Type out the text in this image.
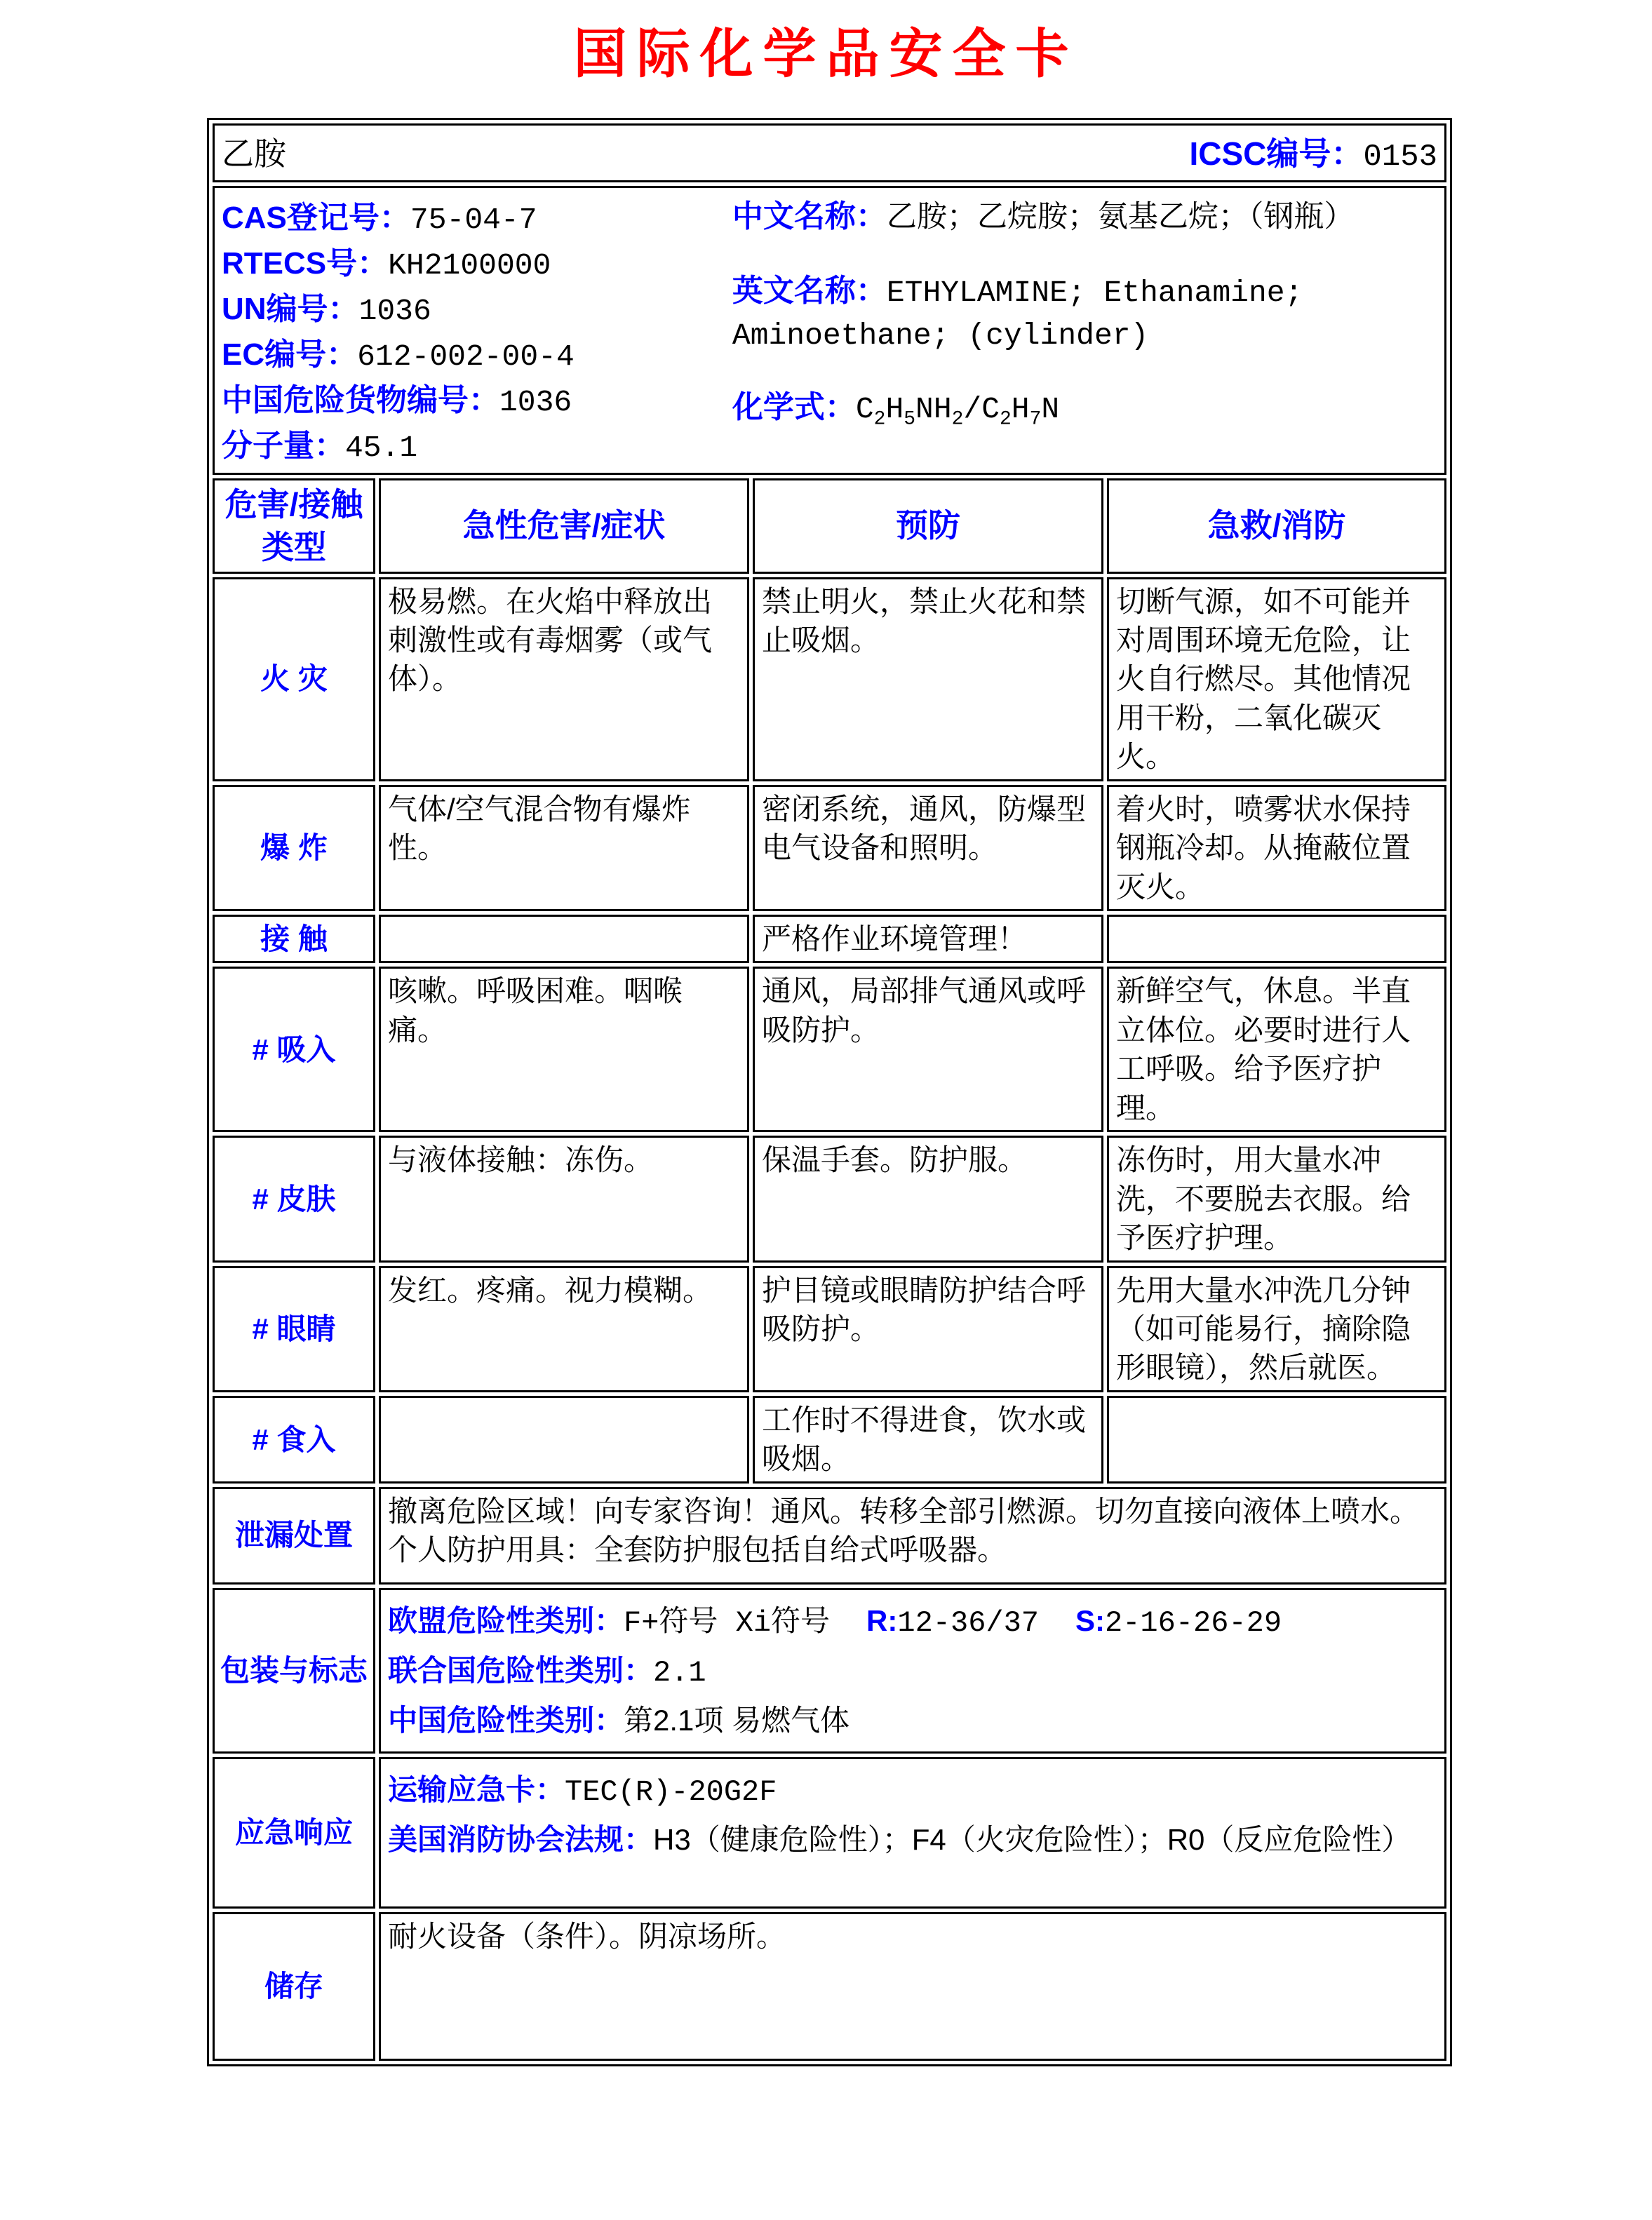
国际化学品安全卡
乙胺 ICSC编号：0153			

CAS登记号：75-04-7
RTECS号：KH2100000
UN编号：1036
EC编号：612-002-00-4
中国危险货物编号：1036
分子量：45.1
中文名称：乙胺；乙烷胺；氨基乙烷；（钢瓶）
英文名称：ETHYLAMINE; Ethanamine; Aminoethane; (cylinder)
化学式：$C_2H_5NH_2/C_2H_7N$

危害/接触类型	急性危害/症状	预防	急救/消防
火 灾	极易燃。在火焰中释放出刺激性或有毒烟雾（或气体）。	禁止明火，禁止火花和禁止吸烟。	切断气源，如不可能并对周围环境无危险，让火自行燃尽。其他情况用干粉，二氧化碳灭火。
爆 炸	气体/空气混合物有爆炸性。	密闭系统，通风，防爆型电气设备和照明。	着火时，喷雾状水保持钢瓶冷却。从掩蔽位置灭火。
接 触		严格作业环境管理！	
# 吸入	咳嗽。呼吸困难。咽喉痛。	通风，局部排气通风或呼吸防护。	新鲜空气，休息。半直立体位。必要时进行人工呼吸。给予医疗护理。
# 皮肤	与液体接触：冻伤。	保温手套。防护服。	冻伤时，用大量水冲洗，不要脱去衣服。给予医疗护理。
# 眼睛	发红。疼痛。视力模糊。	护目镜或眼睛防护结合呼吸防护。	先用大量水冲洗几分钟（如可能易行，摘除隐形眼镜），然后就医。
# 食入		工作时不得进食，饮水或吸烟。	
泄漏处置	撤离危险区域！向专家咨询！通风。转移全部引燃源。切勿直接向液体上喷水。个人防护用具：全套防护服包括自给式呼吸器。		
包装与标志	欧盟危险性类别：F+符号 Xi符号 R:12-36/37 S:2-16-26-29
联合国危险性类别：2.1
中国危险性类别：第2.1项 易燃气体		

应急响应	运输应急卡：TEC(R)-20G2F
美国消防协会法规：H3（健康危险性）；F4（火灾危险性）；R0（反应危险性）		

储存	耐火设备（条件）。阴凉场所。		
